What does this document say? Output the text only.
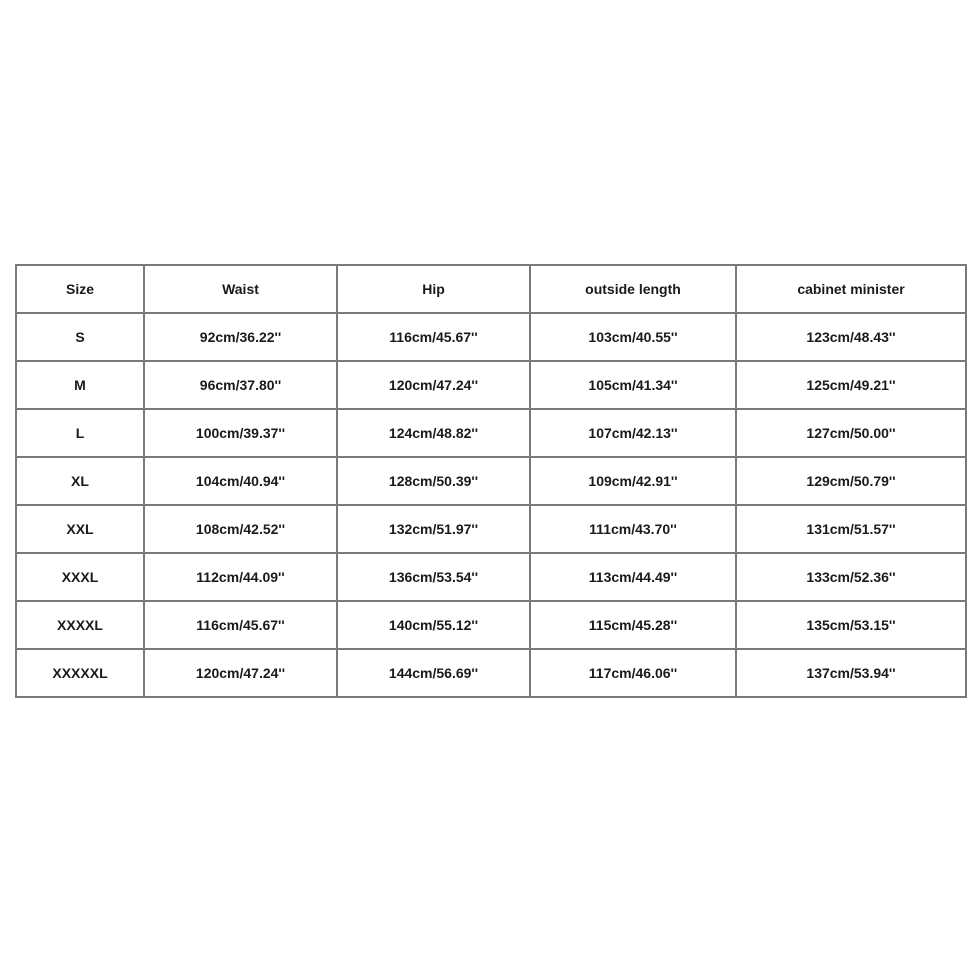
Size	Waist	Hip	outside length	cabinet minister
S	92cm/36.22''	116cm/45.67''	103cm/40.55''	123cm/48.43''
M	96cm/37.80''	120cm/47.24''	105cm/41.34''	125cm/49.21''
L	100cm/39.37''	124cm/48.82''	107cm/42.13''	127cm/50.00''
XL	104cm/40.94''	128cm/50.39''	109cm/42.91''	129cm/50.79''
XXL	108cm/42.52''	132cm/51.97''	111cm/43.70''	131cm/51.57''
XXXL	112cm/44.09''	136cm/53.54''	113cm/44.49''	133cm/52.36''
XXXXL	116cm/45.67''	140cm/55.12''	115cm/45.28''	135cm/53.15''
XXXXXL	120cm/47.24''	144cm/56.69''	117cm/46.06''	137cm/53.94''
